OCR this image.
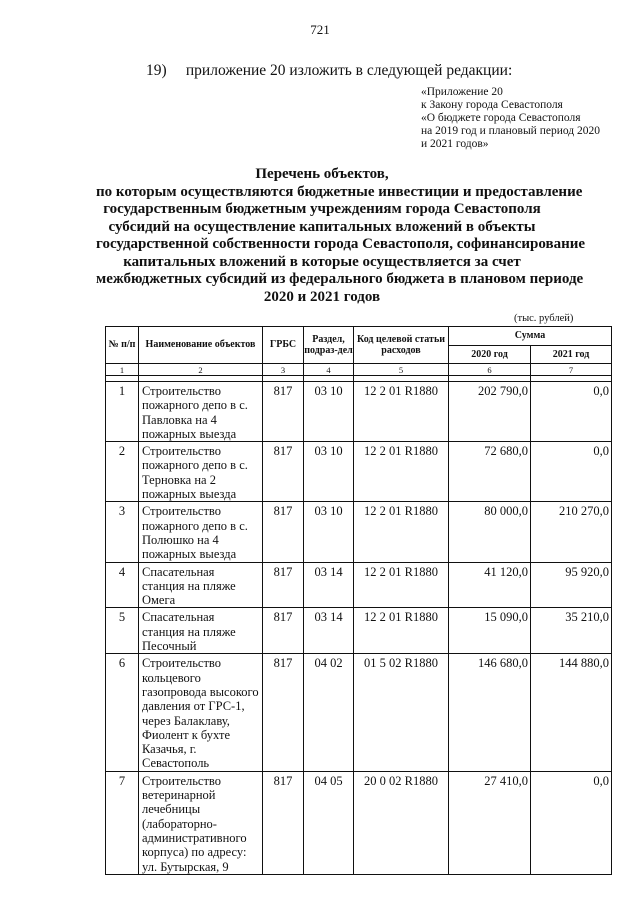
721
19) приложение 20 изложить в следующей редакции:
«Приложение 20
к Закону города Севастополя
«О бюджете города Севастополя
на 2019 год и плановый период 2020
и 2021 годов»
Перечень объектов,
по которым осуществляются бюджетные инвестиции и предоставление
государственным бюджетным учреждениям города Севастополя
субсидий на осуществление капитальных вложений в объекты
государственной собственности города Севастополя, софинансирование
капитальных вложений в которые осуществляется за счет
межбюджетных субсидий из федерального бюджета в плановом периоде
2020 и 2021 годов
(тыс. рублей)
№ п/п	Наименование объектов	ГРБС	Раздел, подраз-дел	Код целевой статьи расходов	Сумма	
					2020 год	2021 год
1	2	3	4	5	6	7

1	Строительство пожарного депо в с. Павловка на 4 пожарных выезда	817	03 10	12 2 01 R1880	202 790,0	0,0
2	Строительство пожарного депо в с. Терновка на 2 пожарных выезда	817	03 10	12 2 01 R1880	72 680,0	0,0
3	Строительство пожарного депо в с. Полюшко на 4 пожарных выезда	817	03 10	12 2 01 R1880	80 000,0	210 270,0
4	Спасательная станция на пляже Омега	817	03 14	12 2 01 R1880	41 120,0	95 920,0
5	Спасательная станция на пляже Песочный	817	03 14	12 2 01 R1880	15 090,0	35 210,0
6	Строительство кольцевого газопровода высокого давления от ГРС-1, через Балаклаву, Фиолент к бухте Казачья, г. Севастополь	817	04 02	01 5 02 R1880	146 680,0	144 880,0
7	Строительство ветеринарной лечебницы (лабораторно-административного корпуса) по адресу: ул. Бутырская, 9	817	04 05	20 0 02 R1880	27 410,0	0,0
